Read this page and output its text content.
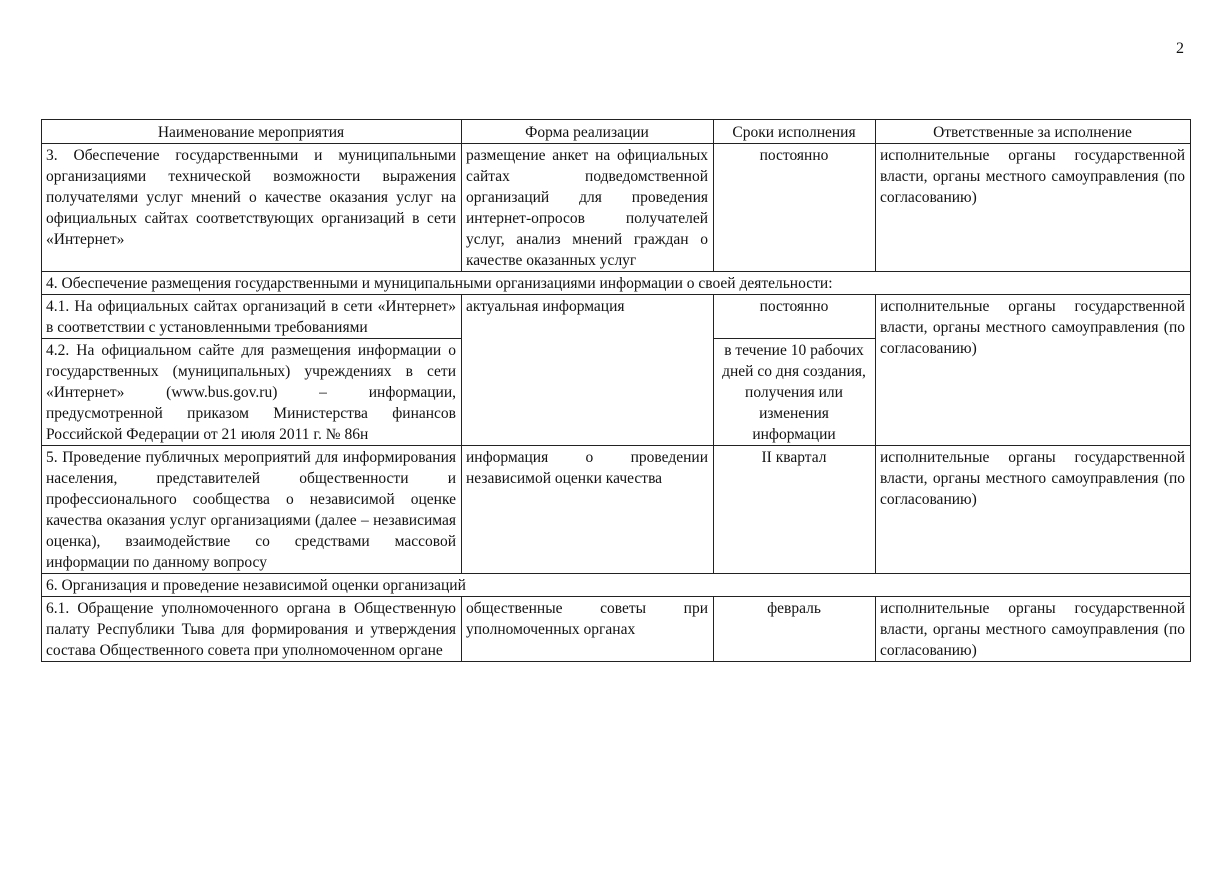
2
Наименование мероприятия	Форма реализации	Сроки исполнения	Ответственные за исполнение
3. Обеспечение государственными и муниципальными организациями технической возможности выражения получателями услуг мнений о качестве оказания услуг на официальных сайтах соответствующих организаций в сети «Интернет»	размещение анкет на официальных сайтах подведомственной организаций для проведения интернет-опросов получателей услуг, анализ мнений граждан о качестве оказанных услуг	постоянно	исполнительные органы государственной власти, органы местного самоуправления (по согласованию)
4. Обеспечение размещения государственными и муниципальными организациями информации о своей деятельности:			
4.1. На официальных сайтах организаций в сети «Интернет» в соответствии с установленными требованиями	актуальная информация	постоянно	исполнительные органы государственной власти, органы местного самоуправления (по согласованию)
4.2. На официальном сайте для размещения информации о государственных (муниципальных) учреждениях в сети «Интернет» (www.bus.gov.ru) – информации, предусмотренной приказом Министерства финансов Российской Федерации от 21 июля 2011 г. № 86н		в течение 10 рабочих дней со дня создания, получения или изменения информации	
5. Проведение публичных мероприятий для информирования населения, представителей общественности и профессионального сообщества о независимой оценке качества оказания услуг организациями (далее – независимая оценка), взаимодействие со средствами массовой информации по данному вопросу	информация о проведении независимой оценки качества	II квартал	исполнительные органы государственной власти, органы местного самоуправления (по согласованию)
6. Организация и проведение независимой оценки организаций			
6.1. Обращение уполномоченного органа в Общественную палату Республики Тыва для формирования и утверждения состава Общественного совета при уполномоченном органе	общественные советы при уполномоченных органах	февраль	исполнительные органы государственной власти, органы местного самоуправления (по согласованию)
